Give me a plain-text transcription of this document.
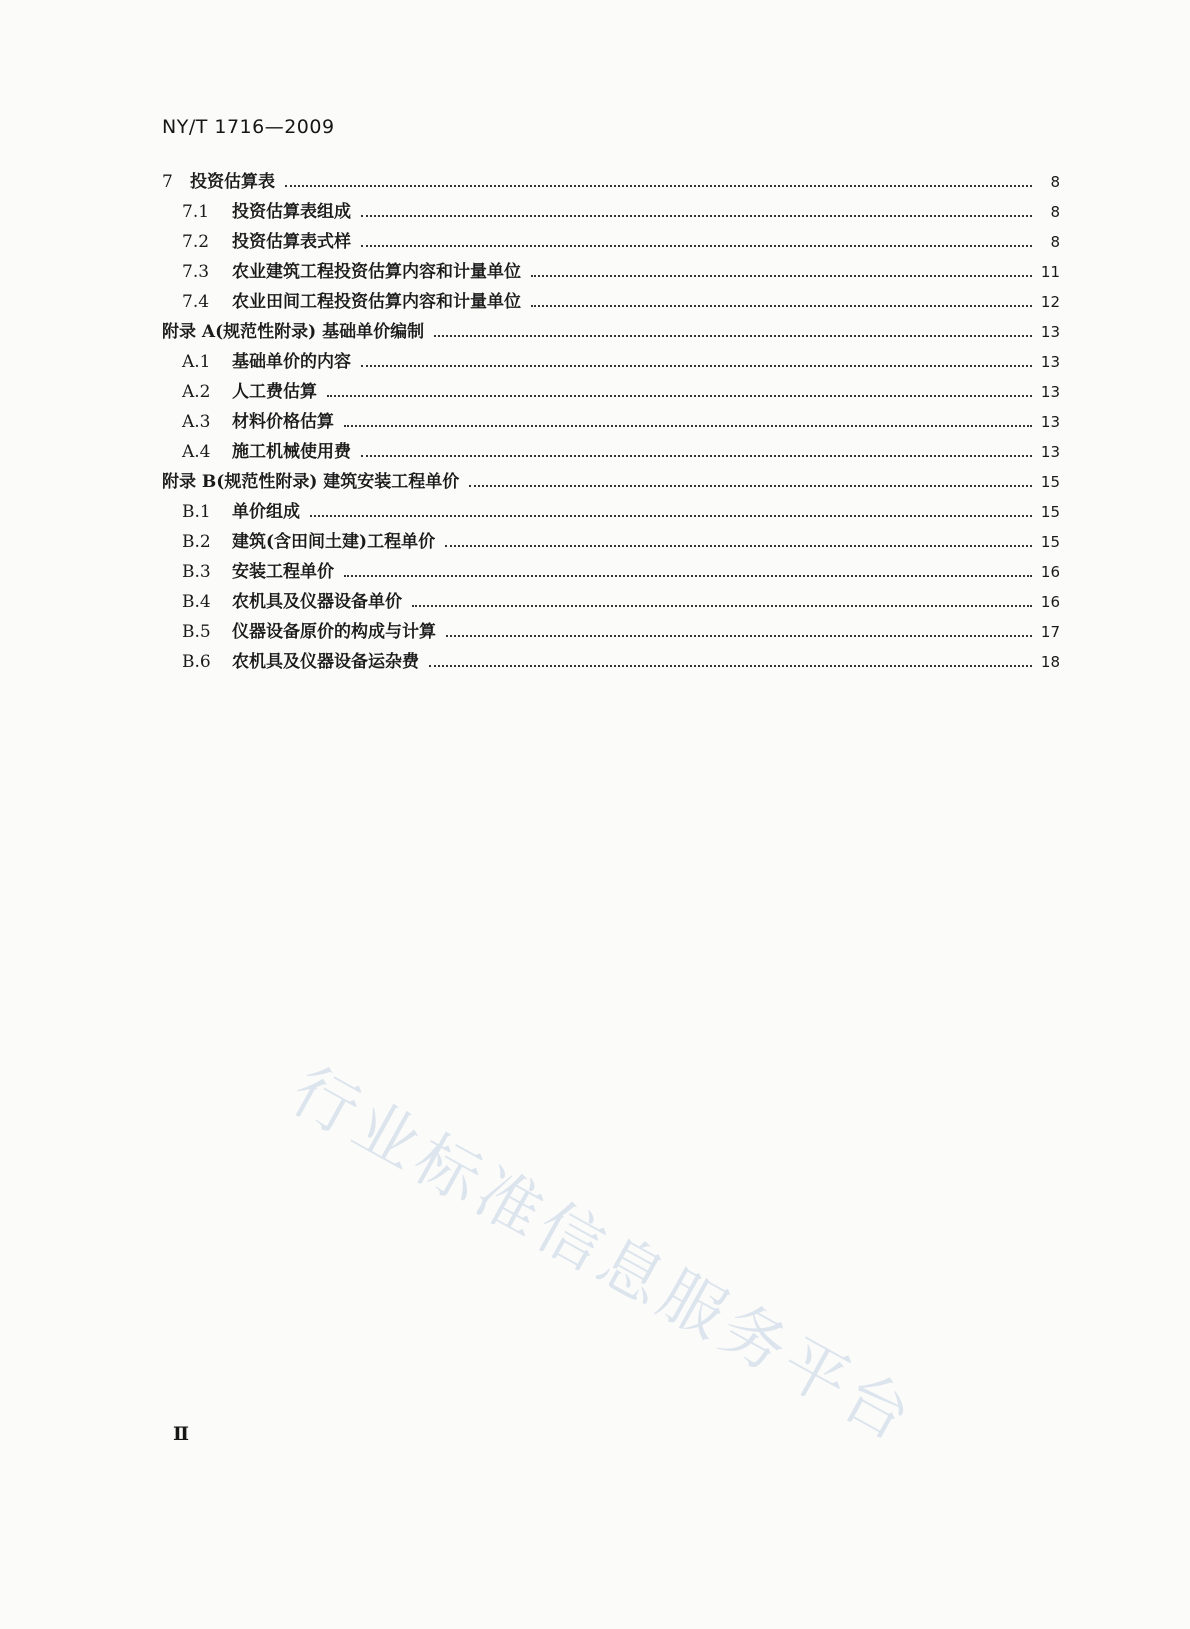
NY/T 1716—2009
7	投资估算表	8
7.1	投资估算表组成	8
7.2	投资估算表式样	8
7.3	农业建筑工程投资估算内容和计量单位	11
7.4	农业田间工程投资估算内容和计量单位	12
附录 A(规范性附录) 基础单价编制	13
A.1	基础单价的内容	13
A.2	人工费估算	13
A.3	材料价格估算	13
A.4	施工机械使用费	13
附录 B(规范性附录) 建筑安装工程单价	15
B.1	单价组成	15
B.2	建筑(含田间土建)工程单价	15
B.3	安装工程单价	16
B.4	农机具及仪器设备单价	16
B.5	仪器设备原价的构成与计算	17
B.6	农机具及仪器设备运杂费	18
行业标准信息服务平台
Ⅱ
